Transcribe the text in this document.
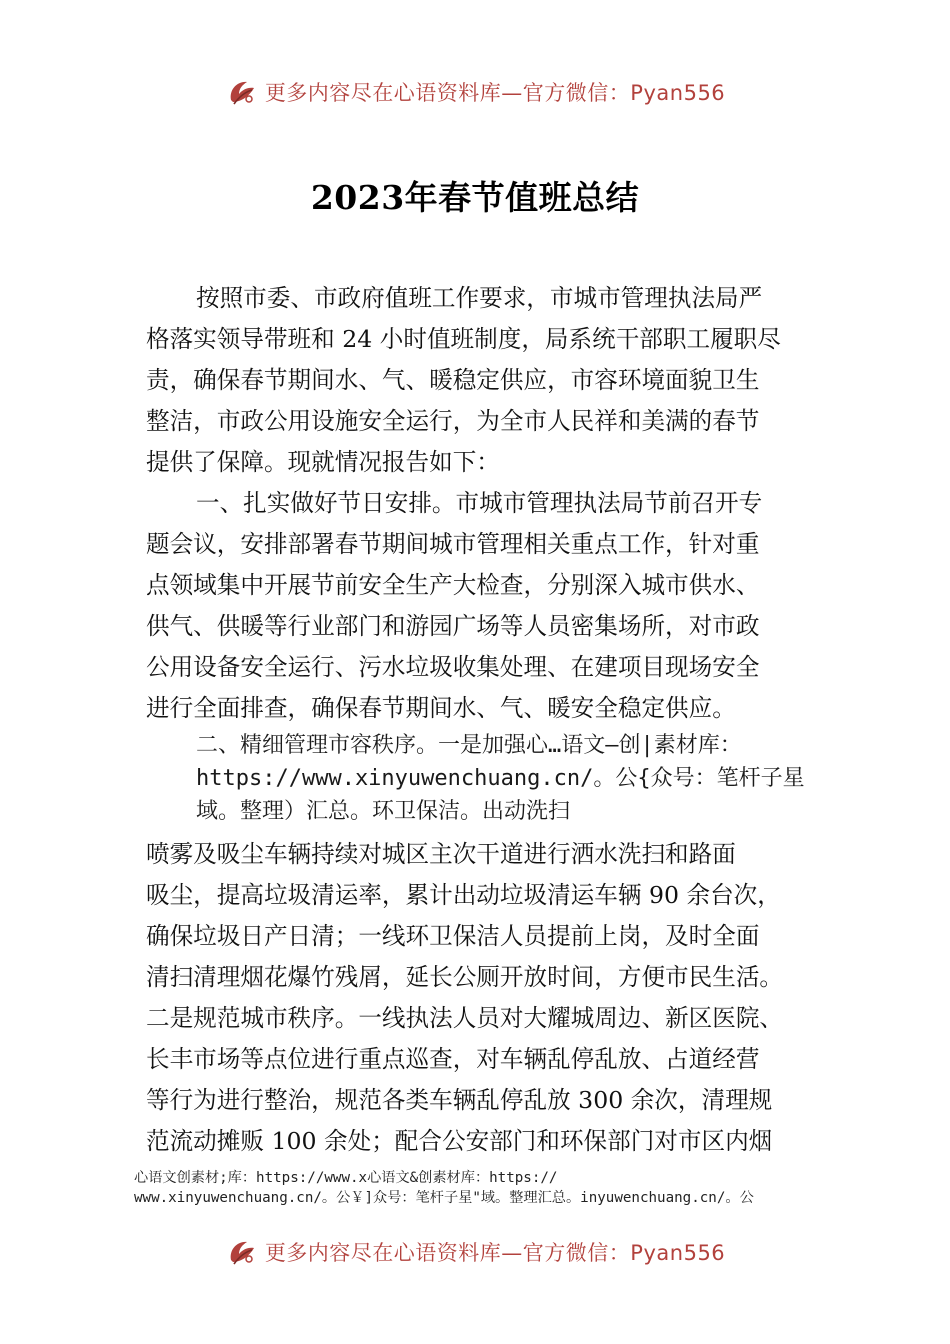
更多内容尽在心语资料库—官方微信：Pyan556
2023年春节值班总结
按照市委、市政府值班工作要求，市城市管理执法局严
格落实领导带班和 24 小时值班制度，局系统干部职工履职尽
责，确保春节期间水、气、暖稳定供应，市容环境面貌卫生
整洁，市政公用设施安全运行，为全市人民祥和美满的春节
提供了保障。现就情况报告如下：
一、扎实做好节日安排。市城市管理执法局节前召开专
题会议，安排部署春节期间城市管理相关重点工作，针对重
点领域集中开展节前安全生产大检查，分别深入城市供水、
供气、供暖等行业部门和游园广场等人员密集场所，对市政
公用设备安全运行、污水垃圾收集处理、在建项目现场安全
进行全面排查，确保春节期间水、气、暖安全稳定供应。
二、精细管理市容秩序。一是加强心…语文—创|素材库：
https://www.xinyuwenchuang.cn/。公{众号：笔杆子星
域。整理）汇总。环卫保洁。出动洗扫
喷雾及吸尘车辆持续对城区主次干道进行洒水洗扫和路面
吸尘，提高垃圾清运率，累计出动垃圾清运车辆 90 余台次，
确保垃圾日产日清；一线环卫保洁人员提前上岗，及时全面
清扫清理烟花爆竹残屑，延长公厕开放时间，方便市民生活。
二是规范城市秩序。一线执法人员对大耀城周边、新区医院、
长丰市场等点位进行重点巡查，对车辆乱停乱放、占道经营
等行为进行整治，规范各类车辆乱停乱放 300 余次，清理规
范流动摊贩 100 余处；配合公安部门和环保部门对市区内烟
心语文创素材;库：https://www.x心语文&创素材库：https://
www.xinyuwenchuang.cn/。公￥]众号：笔杆子星"域。整理汇总。inyuwenchuang.cn/。公
更多内容尽在心语资料库—官方微信：Pyan556
